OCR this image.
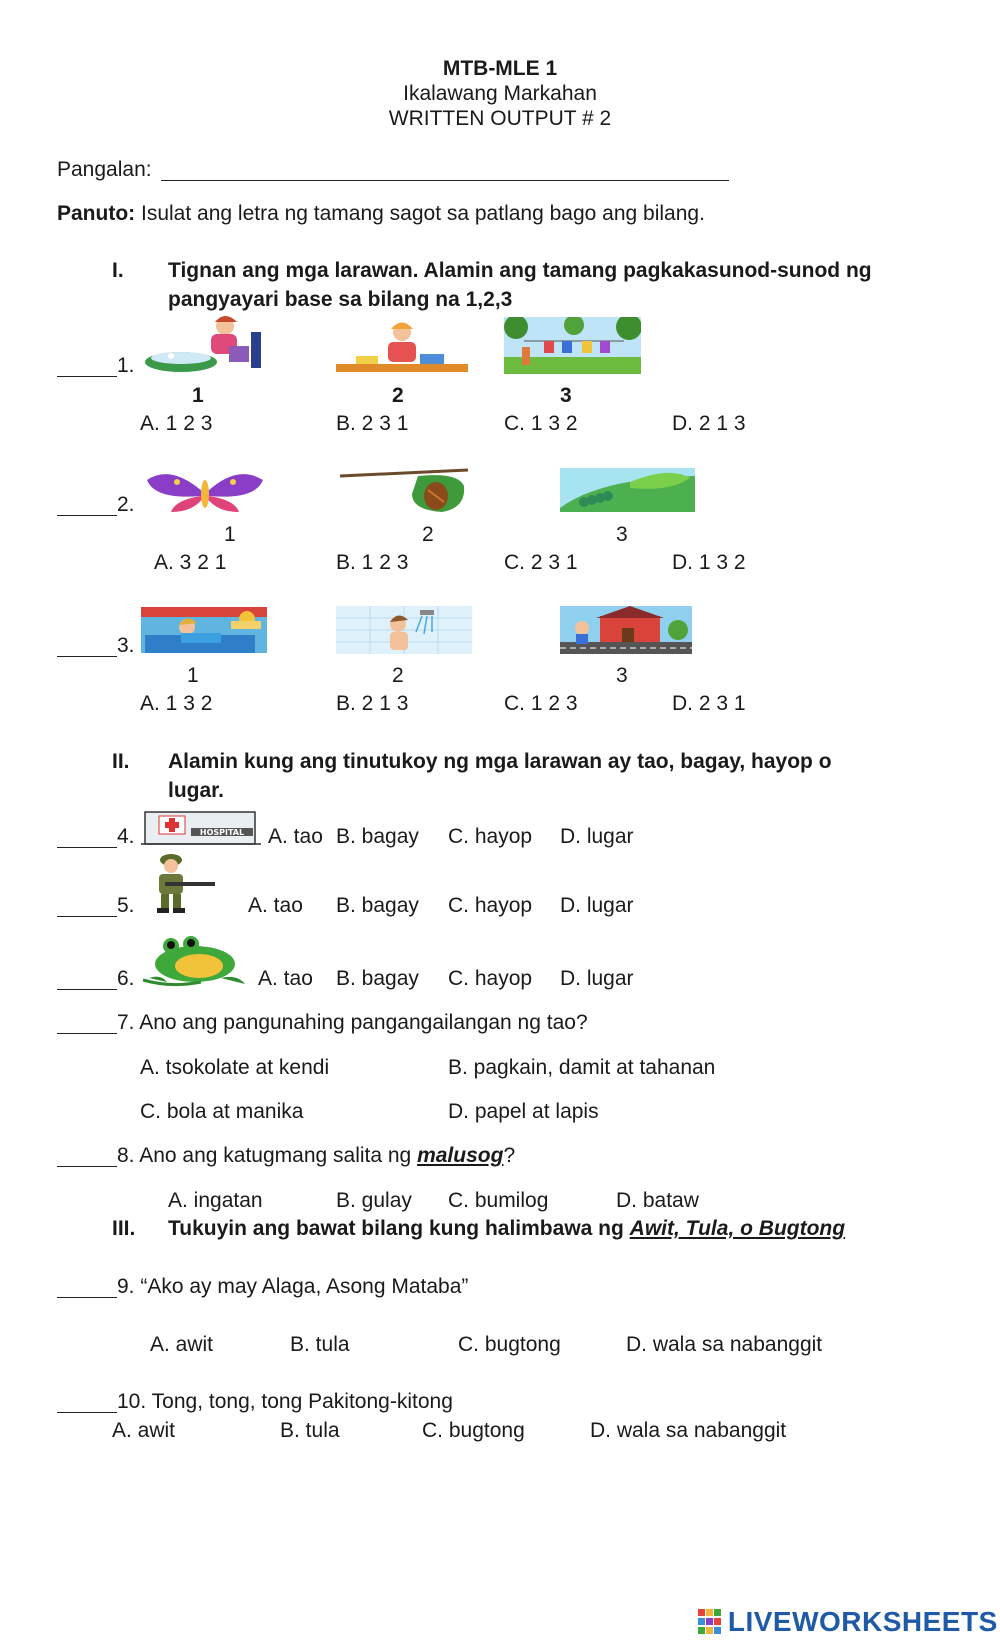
MTB-MLE 1
Ikalawang Markahan
WRITTEN OUTPUT # 2
Pangalan:
Panuto: Isulat ang letra ng tamang sagot sa patlang bago ang bilang.
I. Tignan ang mga larawan. Alamin ang tamang pagkakasunod-sunod ng
pangyayari base sa bilang na 1,2,3
1.
1	2	3
A. 1 2 3	B. 2 3 1	C. 1 3 2	D. 2 1 3
2.
1	2	3
A. 3 2 1	B. 1 2 3	C. 2 3 1	D. 1 3 2
3.
1	2	3
A. 1 3 2	B. 2 1 3	C. 1 2 3	D. 2 3 1
II. Alamin kung ang tinutukoy ng mga larawan ay tao, bagay, hayop o
lugar.
4.	HOSPITAL A. tao B. bagay C. hayop D. lugar
5.	A. tao B. bagay C. hayop D. lugar
6.	A. tao B. bagay C. hayop D. lugar
7. Ano ang pangunahing pangangailangan ng tao?
A. tsokolate at kendi	B. pagkain, damit at tahanan
C. bola at manika	D. papel at lapis
8. Ano ang katugmang salita ng malusog?
A. ingatan	B. gulay C. bumilog	D. bataw
III. Tukuyin ang bawat bilang kung halimbawa ng Awit, Tula, o Bugtong
9. “Ako ay may Alaga, Asong Mataba”
A. awit	B. tula	C. bugtong	D. wala sa nabanggit
10. Tong, tong, tong Pakitong-kitong
A. awit	B. tula	C. bugtong	D. wala sa nabanggit
LIVEWORKSHEETS
